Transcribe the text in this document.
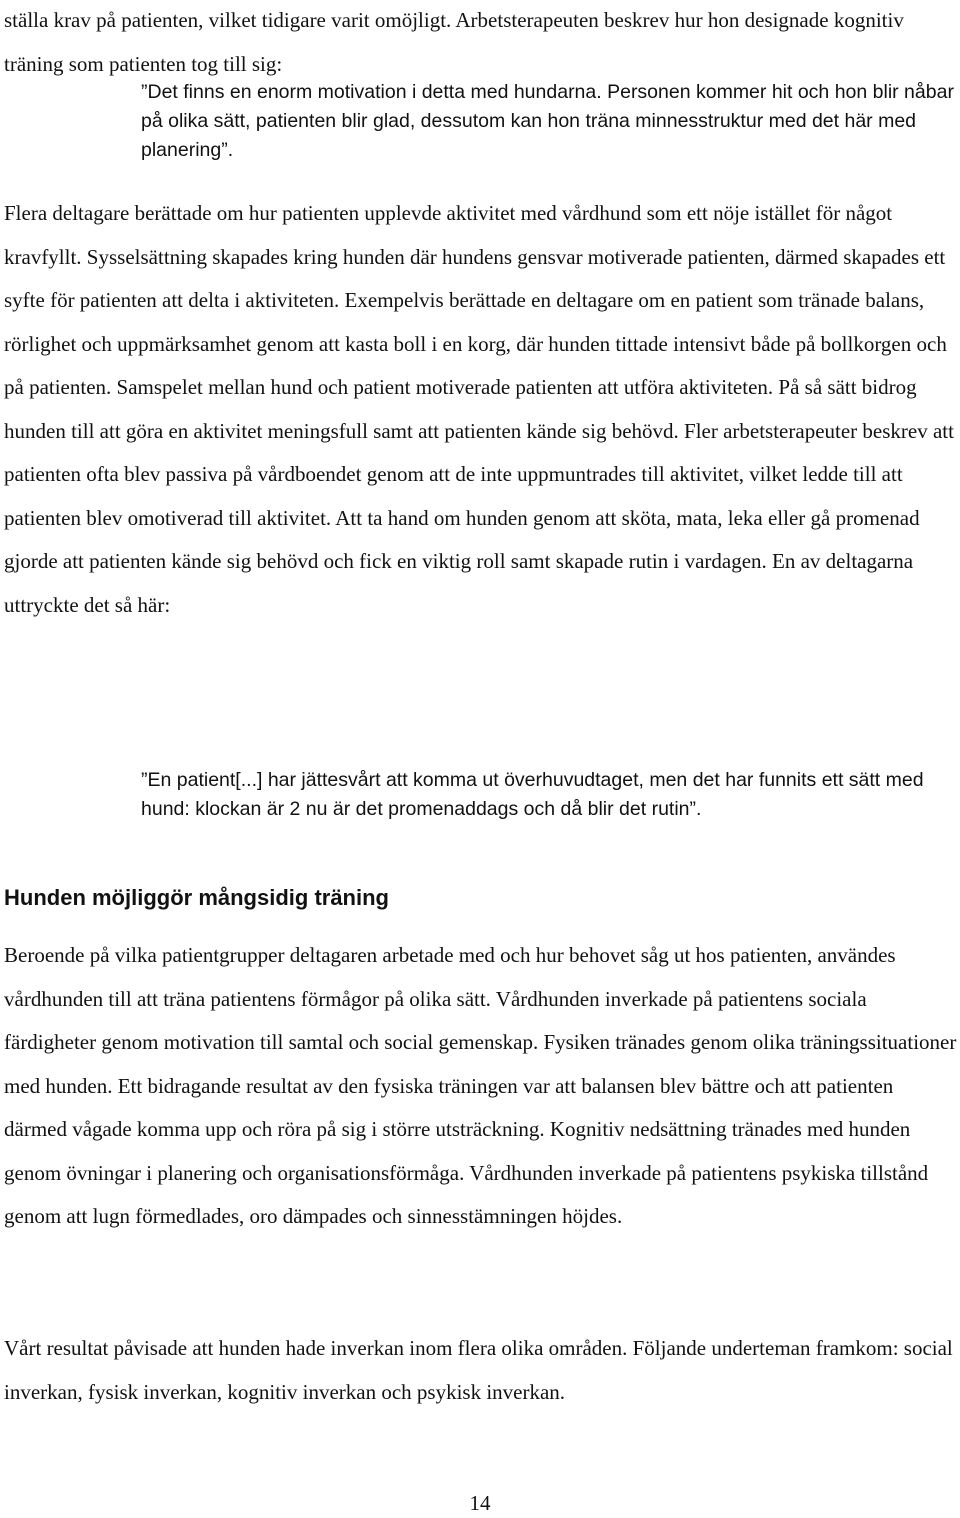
ställa krav på patienten, vilket tidigare varit omöjligt. Arbetsterapeuten beskrev hur hon designade kognitiv träning som patienten tog till sig:

”Det finns en enorm motivation i detta med hundarna. Personen kommer hit och hon blir nåbar på olika sätt, patienten blir glad, dessutom kan hon träna minnesstruktur med det här med planering”.

Flera deltagare berättade om hur patienten upplevde aktivitet med vårdhund som ett nöje istället för något kravfyllt. Sysselsättning skapades kring hunden där hundens gensvar motiverade patienten, därmed skapades ett syfte för patienten att delta i aktiviteten. Exempelvis berättade en deltagare om en patient som tränade balans, rörlighet och uppmärksamhet genom att kasta boll i en korg, där hunden tittade intensivt både på bollkorgen och på patienten. Samspelet mellan hund och patient motiverade patienten att utföra aktiviteten. På så sätt bidrog hunden till att göra en aktivitet meningsfull samt att patienten kände sig behövd. Fler arbetsterapeuter beskrev att patienten ofta blev passiva på vårdboendet genom att de inte uppmuntrades till aktivitet, vilket ledde till att patienten blev omotiverad till aktivitet. Att ta hand om hunden genom att sköta, mata, leka eller gå promenad gjorde att patienten kände sig behövd och fick en viktig roll samt skapade rutin i vardagen. En av deltagarna uttryckte det så här:

”En patient[...] har jättesvårt att komma ut överhuvudtaget, men det har funnits ett sätt med hund: klockan är 2 nu är det promenaddags och då blir det rutin”.

Hunden möjliggör mångsidig träning

Beroende på vilka patientgrupper deltagaren arbetade med och hur behovet såg ut hos patienten, användes vårdhunden till att träna patientens förmågor på olika sätt. Vårdhunden inverkade på patientens sociala färdigheter genom motivation till samtal och social gemenskap. Fysiken tränades genom olika träningssituationer med hunden. Ett bidragande resultat av den fysiska träningen var att balansen blev bättre och att patienten därmed vågade komma upp och röra på sig i större utsträckning. Kognitiv nedsättning tränades med hunden genom övningar i planering och organisationsförmåga. Vårdhunden inverkade på patientens psykiska tillstånd genom att lugn förmedlades, oro dämpades och sinnesstämningen höjdes.

Vårt resultat påvisade att hunden hade inverkan inom flera olika områden. Följande underteman framkom: social inverkan, fysisk inverkan, kognitiv inverkan och psykisk inverkan.

14
